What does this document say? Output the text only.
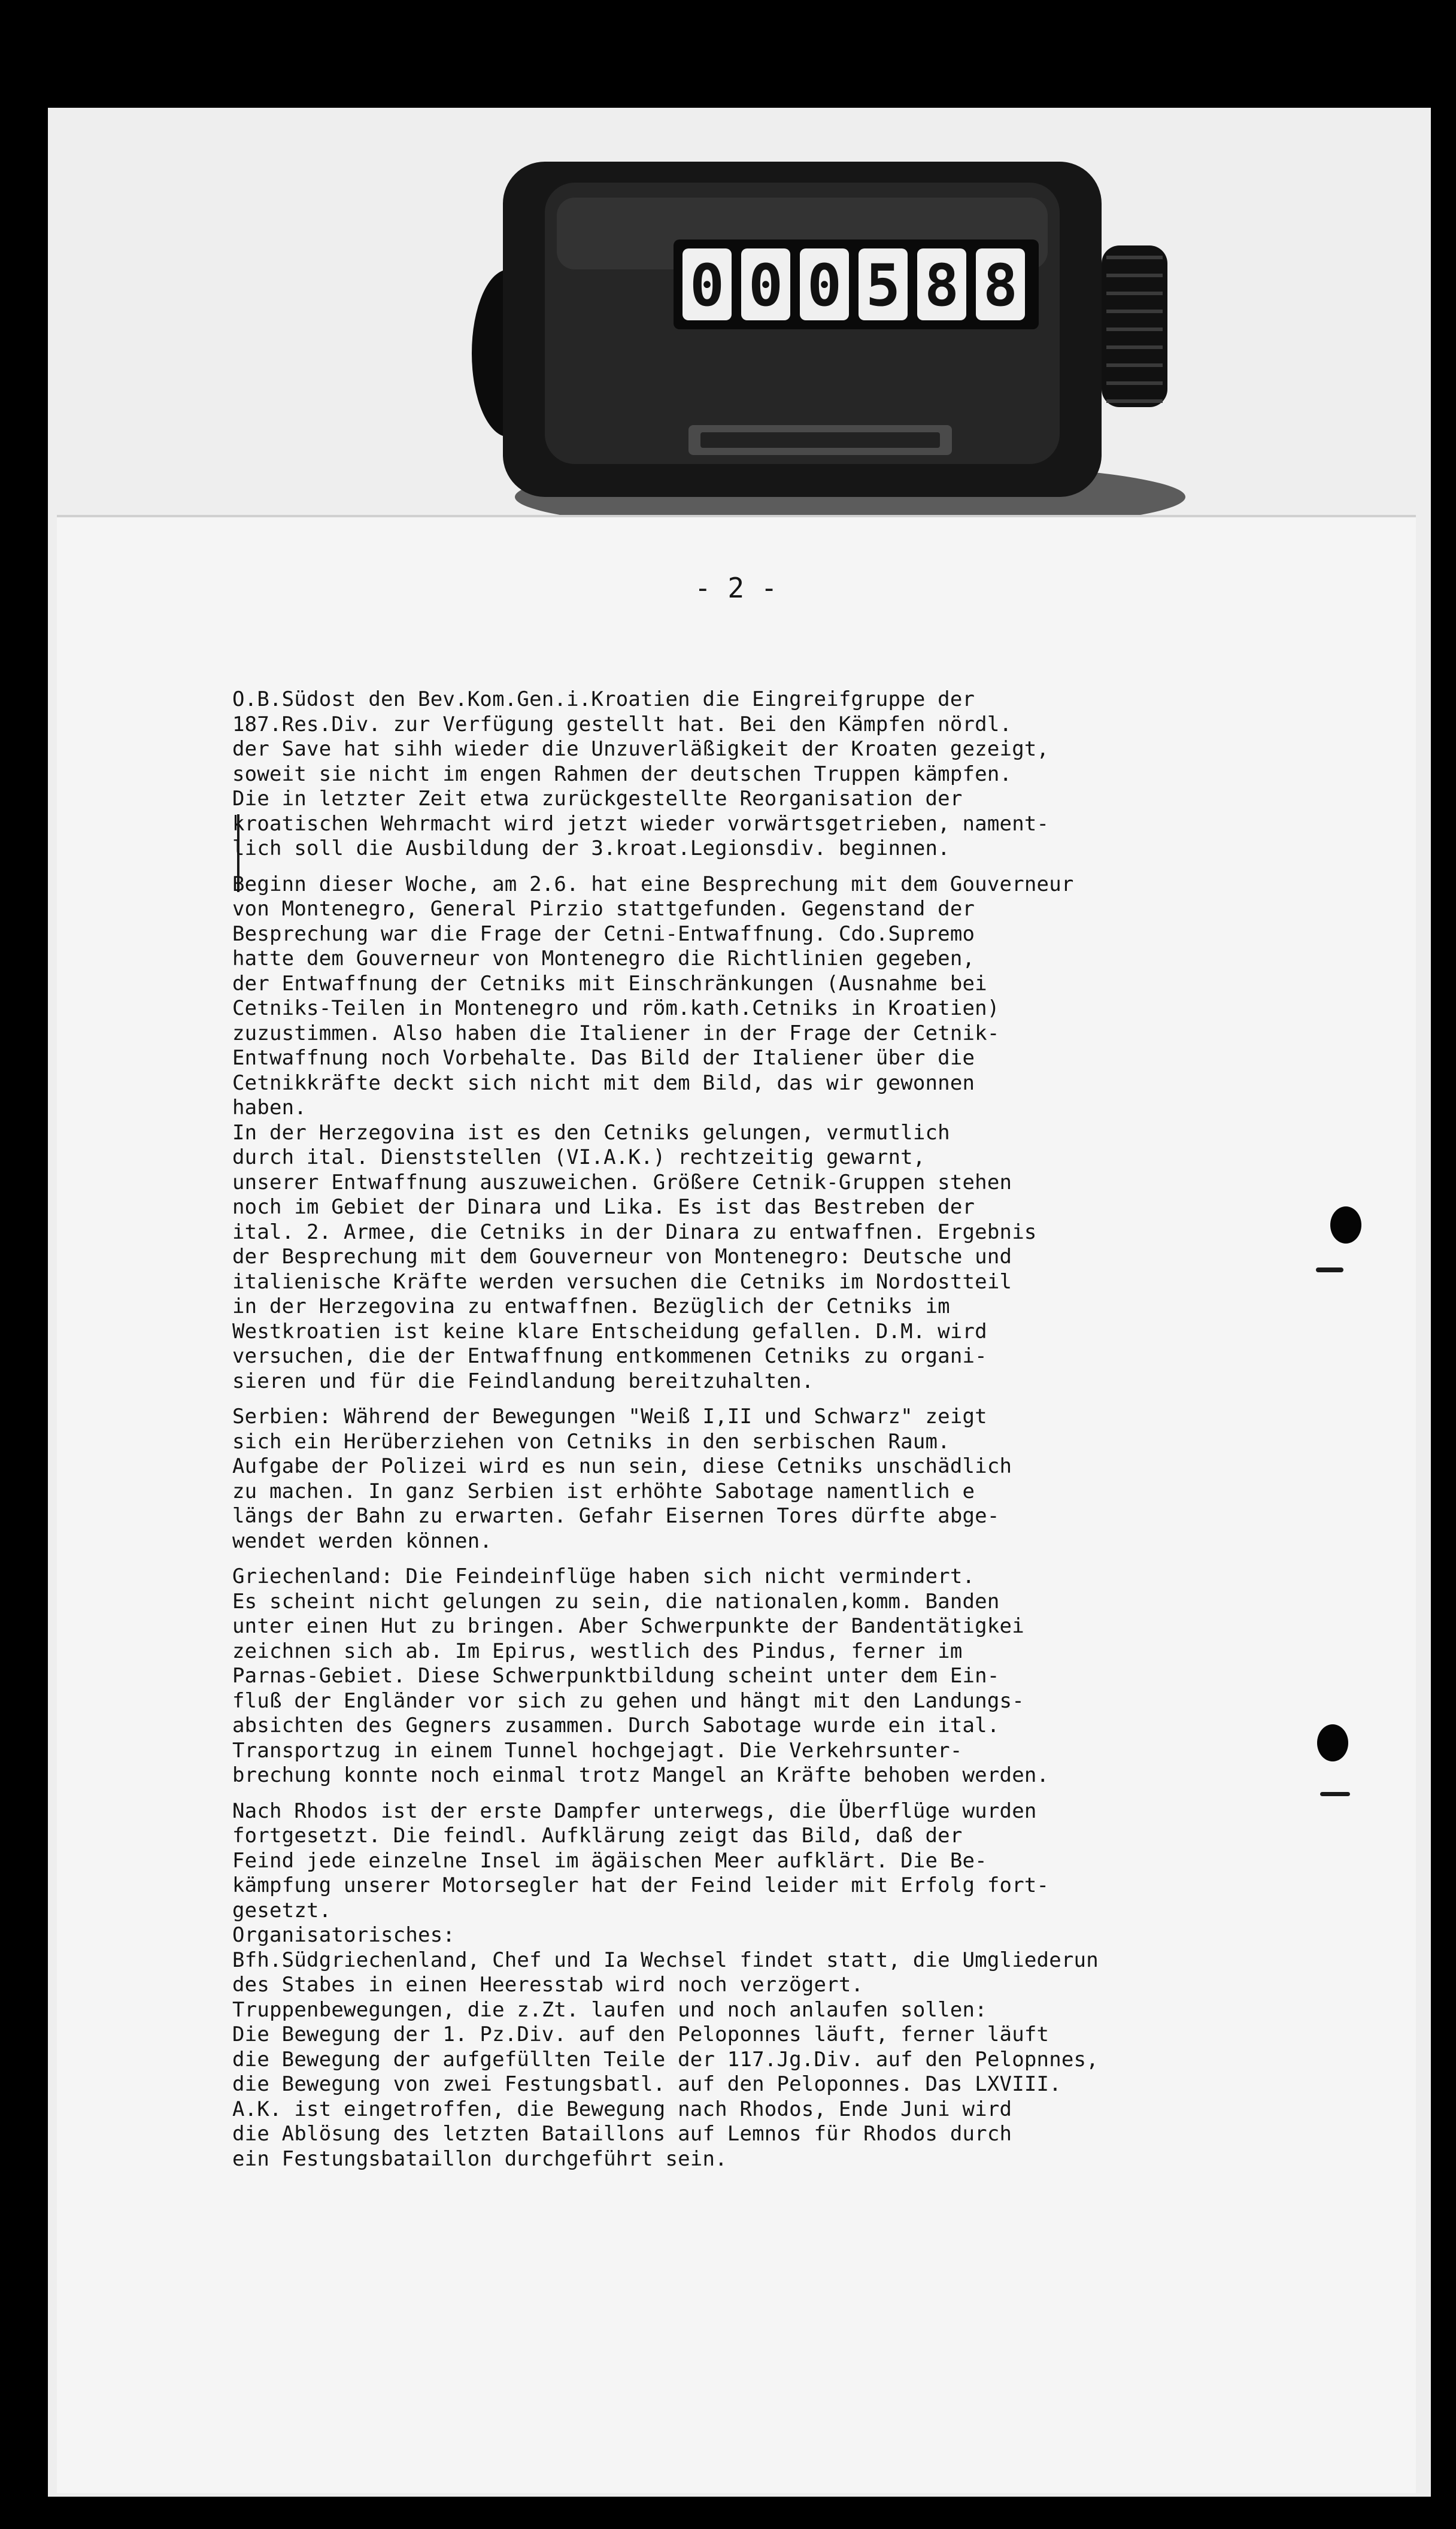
0 0 0 5 8 8
- 2 -
O.B.Südost den Bev.Kom.Gen.i.Kroatien die Eingreifgruppe der
187.Res.Div. zur Verfügung gestellt hat. Bei den Kämpfen nördl.
der Save hat sihh wieder die Unzuverläßigkeit der Kroaten gezeigt,
soweit sie nicht im engen Rahmen der deutschen Truppen kämpfen.
Die in letzter Zeit etwa zurückgestellte Reorganisation der
kroatischen Wehrmacht wird jetzt wieder vorwärtsgetrieben, nament-
lich soll die Ausbildung der 3.kroat.Legionsdiv. beginnen.
Beginn dieser Woche, am 2.6. hat eine Besprechung mit dem Gouverneur
von Montenegro, General Pirzio stattgefunden. Gegenstand der
Besprechung war die Frage der Cetni-Entwaffnung. Cdo.Supremo
hatte dem Gouverneur von Montenegro die Richtlinien gegeben,
der Entwaffnung der Cetniks mit Einschränkungen (Ausnahme bei
Cetniks-Teilen in Montenegro und röm.kath.Cetniks in Kroatien)
zuzustimmen. Also haben die Italiener in der Frage der Cetnik-
Entwaffnung noch Vorbehalte. Das Bild der Italiener über die
Cetnikkräfte deckt sich nicht mit dem Bild, das wir gewonnen
haben.
In der Herzegovina ist es den Cetniks gelungen, vermutlich
durch ital. Dienststellen (VI.A.K.) rechtzeitig gewarnt,
unserer Entwaffnung auszuweichen. Größere Cetnik-Gruppen stehen
noch im Gebiet der Dinara und Lika. Es ist das Bestreben der
ital. 2. Armee, die Cetniks in der Dinara zu entwaffnen. Ergebnis
der Besprechung mit dem Gouverneur von Montenegro: Deutsche und
italienische Kräfte werden versuchen die Cetniks im Nordostteil
in der Herzegovina zu entwaffnen. Bezüglich der Cetniks im
Westkroatien ist keine klare Entscheidung gefallen. D.M. wird
versuchen, die der Entwaffnung entkommenen Cetniks zu organi-
sieren und für die Feindlandung bereitzuhalten.
Serbien: Während der Bewegungen "Weiß I,II und Schwarz" zeigt
sich ein Herüberziehen von Cetniks in den serbischen Raum.
Aufgabe der Polizei wird es nun sein, diese Cetniks unschädlich
zu machen. In ganz Serbien ist erhöhte Sabotage namentlich e
längs der Bahn zu erwarten. Gefahr Eisernen Tores dürfte abge-
wendet werden können.
Griechenland: Die Feindeinflüge haben sich nicht vermindert.
Es scheint nicht gelungen zu sein, die nationalen,komm. Banden
unter einen Hut zu bringen. Aber Schwerpunkte der Bandentätigkei
zeichnen sich ab. Im Epirus, westlich des Pindus, ferner im
Parnas-Gebiet. Diese Schwerpunktbildung scheint unter dem Ein-
fluß der Engländer vor sich zu gehen und hängt mit den Landungs-
absichten des Gegners zusammen. Durch Sabotage wurde ein ital.
Transportzug in einem Tunnel hochgejagt. Die Verkehrsunter-
brechung konnte noch einmal trotz Mangel an Kräfte behoben werden.
Nach Rhodos ist der erste Dampfer unterwegs, die Überflüge wurden
fortgesetzt. Die feindl. Aufklärung zeigt das Bild, daß der
Feind jede einzelne Insel im ägäischen Meer aufklärt. Die Be-
kämpfung unserer Motorsegler hat der Feind leider mit Erfolg fort-
gesetzt.
Organisatorisches:
Bfh.Südgriechenland, Chef und Ia Wechsel findet statt, die Umgliederun
des Stabes in einen Heeresstab wird noch verzögert.
Truppenbewegungen, die z.Zt. laufen und noch anlaufen sollen:
Die Bewegung der 1. Pz.Div. auf den Peloponnes läuft, ferner läuft
die Bewegung der aufgefüllten Teile der 117.Jg.Div. auf den Pelopnnes,
die Bewegung von zwei Festungsbatl. auf den Peloponnes. Das LXVIII.
A.K. ist eingetroffen, die Bewegung nach Rhodos, Ende Juni wird
die Ablösung des letzten Bataillons auf Lemnos für Rhodos durch
ein Festungsbataillon durchgeführt sein.
